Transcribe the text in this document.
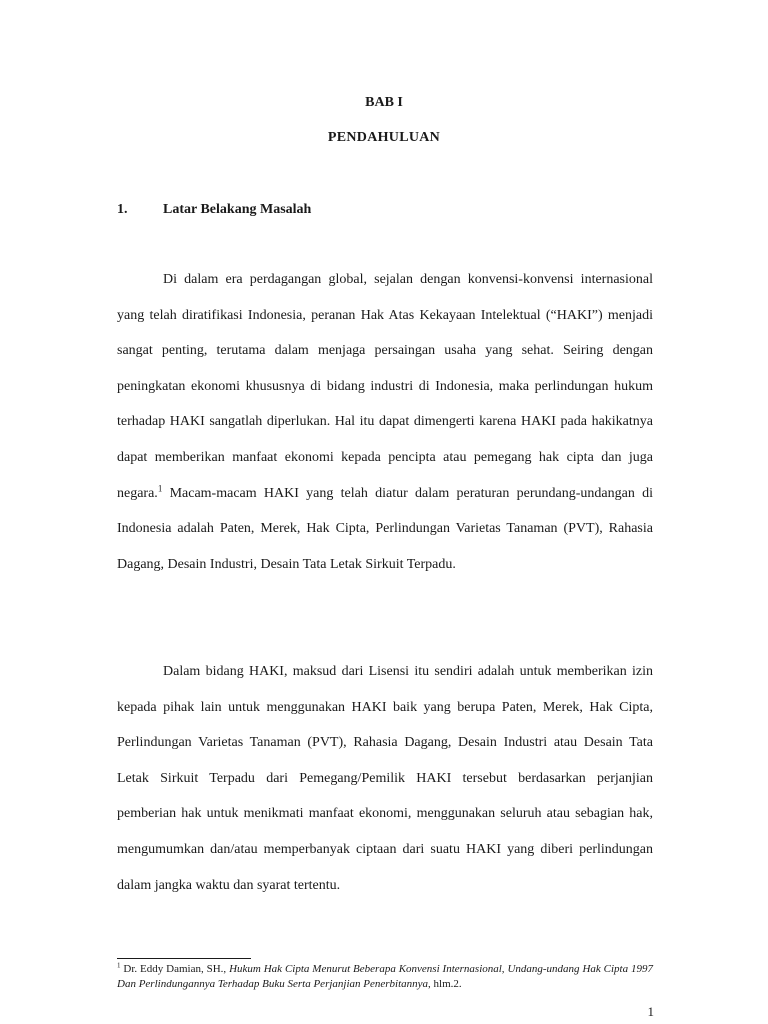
BAB I
PENDAHULUAN
1.	Latar Belakang Masalah

Di dalam era perdagangan global, sejalan dengan konvensi-konvensi internasional yang telah diratifikasi Indonesia, peranan Hak Atas Kekayaan Intelektual (“HAKI”) menjadi sangat penting, terutama dalam menjaga persaingan usaha yang sehat. Seiring dengan peningkatan ekonomi khususnya di bidang industri di Indonesia, maka perlindungan hukum terhadap HAKI sangatlah diperlukan. Hal itu dapat dimengerti karena HAKI pada hakikatnya dapat memberikan manfaat ekonomi kepada pencipta atau pemegang hak cipta dan juga negara.$^1$ Macam-macam HAKI yang telah diatur dalam peraturan perundang-undangan di Indonesia adalah Paten, Merek, Hak Cipta, Perlindungan Varietas Tanaman (PVT), Rahasia Dagang, Desain Industri, Desain Tata Letak Sirkuit Terpadu.

Dalam bidang HAKI, maksud dari Lisensi itu sendiri adalah untuk memberikan izin kepada pihak lain untuk menggunakan HAKI baik yang berupa Paten, Merek, Hak Cipta, Perlindungan Varietas Tanaman (PVT), Rahasia Dagang, Desain Industri atau Desain Tata Letak Sirkuit Terpadu dari Pemegang/Pemilik HAKI tersebut berdasarkan perjanjian pemberian hak untuk menikmati manfaat ekonomi, menggunakan seluruh atau sebagian hak, mengumumkan dan/atau memperbanyak ciptaan dari suatu HAKI yang diberi perlindungan dalam jangka waktu dan syarat tertentu.

$^1$ Dr. Eddy Damian, SH., Hukum Hak Cipta Menurut Beberapa Konvensi Internasional, Undang-undang Hak Cipta 1997 Dan Perlindungannya Terhadap Buku Serta Perjanjian Penerbitannya, hlm.2.

1
